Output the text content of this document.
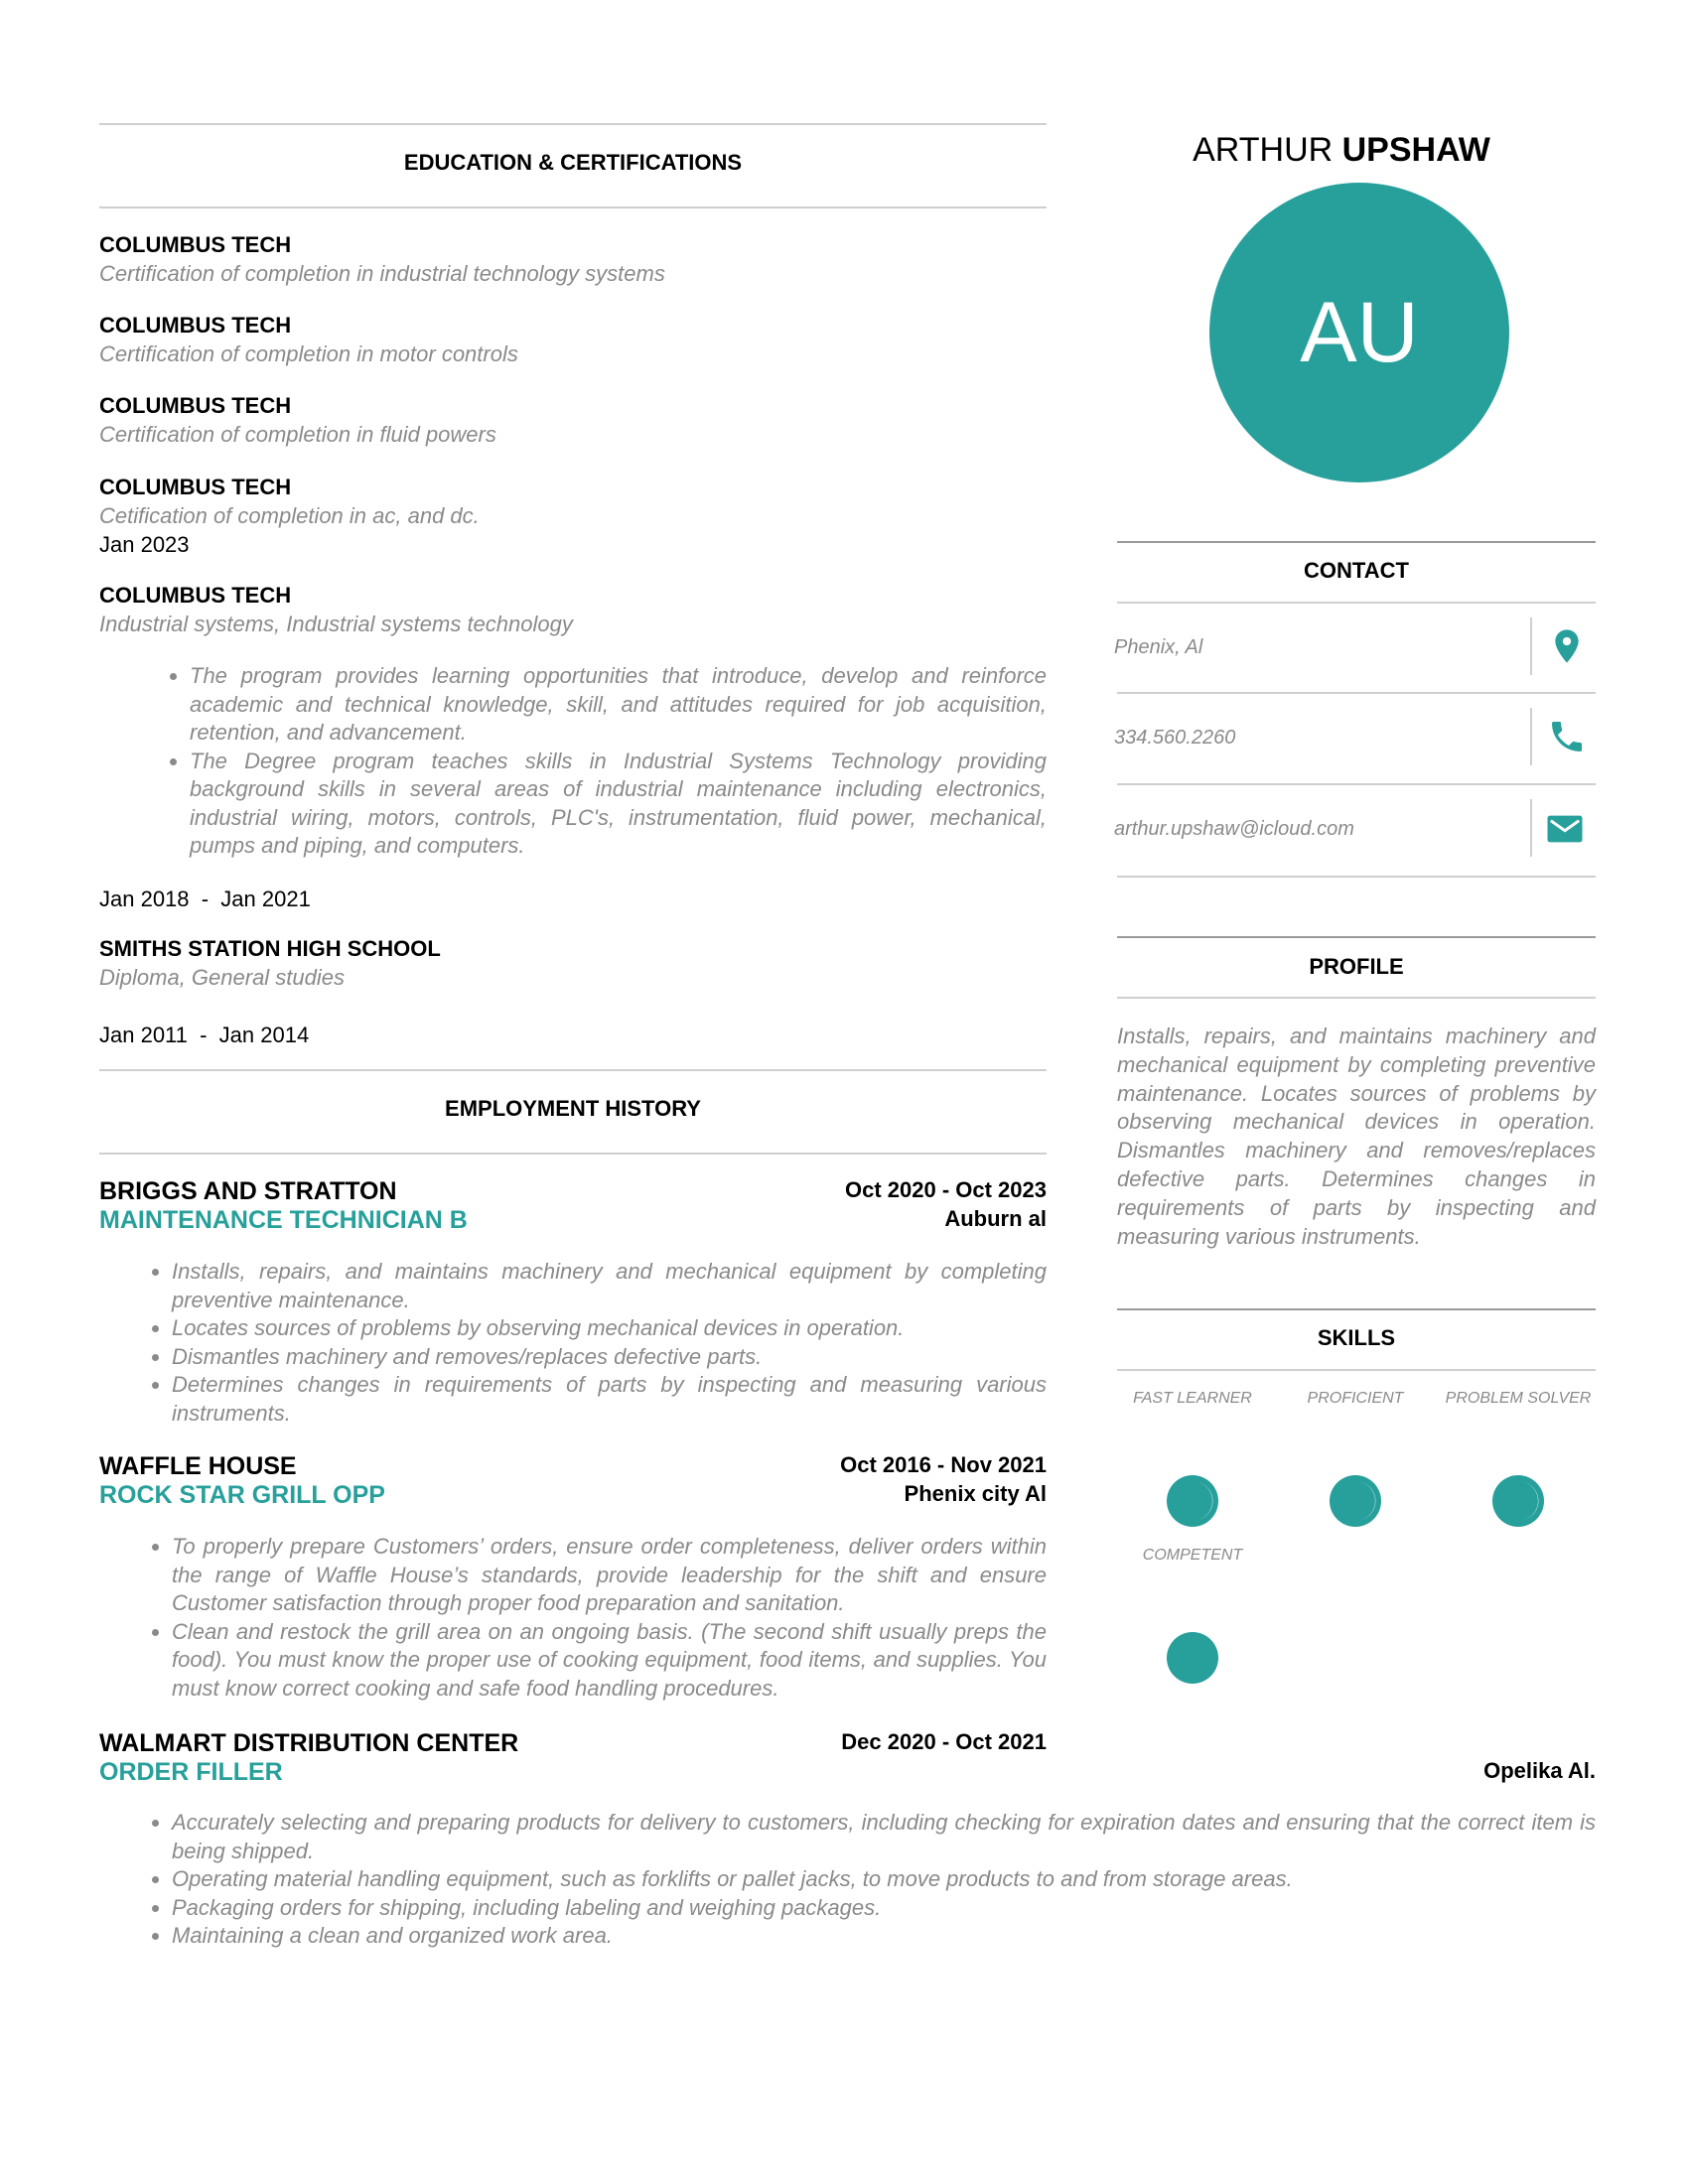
EDUCATION & CERTIFICATIONS
COLUMBUS TECH
Certification of completion in industrial technology systems
COLUMBUS TECH
Certification of completion in motor controls
COLUMBUS TECH
Certification of completion in fluid powers
COLUMBUS TECH
Cetification of completion in ac, and dc.
Jan 2023
COLUMBUS TECH
Industrial systems, Industrial systems technology
• The program provides learning opportunities that introduce, develop and reinforce academic and technical knowledge, skill, and attitudes required for job acquisition, retention, and advancement.
• The Degree program teaches skills in Industrial Systems Technology providing background skills in several areas of industrial maintenance including electronics, industrial wiring, motors, controls, PLC's, instrumentation, fluid power, mechanical, pumps and piping, and computers.
Jan 2018  -  Jan 2021
SMITHS STATION HIGH SCHOOL
Diploma, General studies
Jan 2011  -  Jan 2014
EMPLOYMENT HISTORY
BRIGGS AND STRATTON
MAINTENANCE TECHNICIAN B
Oct 2020 - Oct 2023
Auburn al
• Installs, repairs, and maintains machinery and mechanical equipment by completing preventive maintenance.
• Locates sources of problems by observing mechanical devices in operation.
• Dismantles machinery and removes/replaces defective parts.
• Determines changes in requirements of parts by inspecting and measuring various instruments.
WAFFLE HOUSE
ROCK STAR GRILL OPP
Oct 2016 - Nov 2021
Phenix city Al
• To properly prepare Customers’ orders, ensure order completeness, deliver orders within the range of Waffle House’s standards, provide leadership for the shift and ensure Customer satisfaction through proper food preparation and sanitation.
• Clean and restock the grill area on an ongoing basis. (The second shift usually preps the food). You must know the proper use of cooking equipment, food items, and supplies. You must know correct cooking and safe food handling procedures.
WALMART DISTRIBUTION CENTER
ORDER FILLER
Dec 2020 - Oct 2021
Opelika Al.
• Accurately selecting and preparing products for delivery to customers, including checking for expiration dates and ensuring that the correct item is being shipped.
• Operating material handling equipment, such as forklifts or pallet jacks, to move products to and from storage areas.
• Packaging orders for shipping, including labeling and weighing packages.
• Maintaining a clean and organized work area.
ARTHUR UPSHAW
AU
CONTACT
Phenix, Al
334.560.2260
arthur.upshaw@icloud.com
PROFILE
Installs, repairs, and maintains machinery and mechanical equipment by completing preventive maintenance. Locates sources of problems by observing mechanical devices in operation. Dismantles machinery and removes/replaces defective parts. Determines changes in requirements of parts by inspecting and measuring various instruments.
SKILLS
FAST LEARNER	PROFICIENT	PROBLEM SOLVER
COMPETENT
